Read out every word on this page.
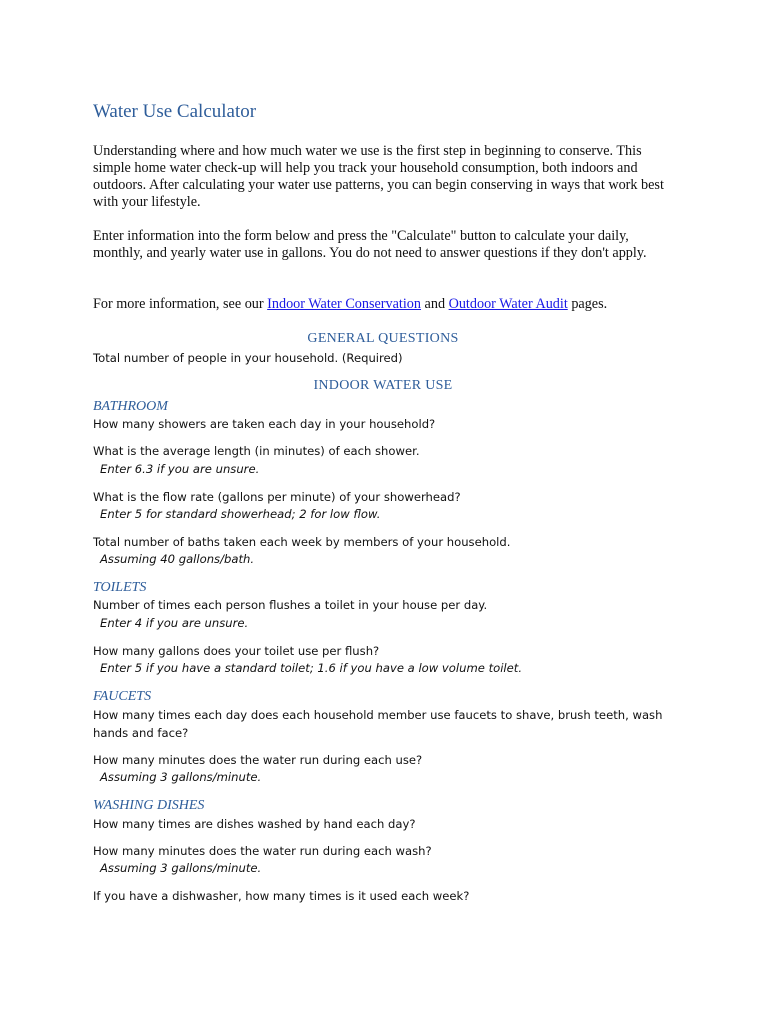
Water Use Calculator
Understanding where and how much water we use is the first step in beginning to conserve. This simple home water check-up will help you track your household consumption, both indoors and outdoors. After calculating your water use patterns, you can begin conserving in ways that work best with your lifestyle.
Enter information into the form below and press the "Calculate" button to calculate your daily, monthly, and yearly water use in gallons. You do not need to answer questions if they don't apply.
For more information, see our Indoor Water Conservation and Outdoor Water Audit pages.
GENERAL QUESTIONS
Total number of people in your household. (Required)
INDOOR WATER USE
BATHROOM
How many showers are taken each day in your household?
What is the average length (in minutes) of each shower.
Enter 6.3 if you are unsure.
What is the flow rate (gallons per minute) of your showerhead?
Enter 5 for standard showerhead; 2 for low flow.
Total number of baths taken each week by members of your household.
Assuming 40 gallons/bath.
TOILETS
Number of times each person flushes a toilet in your house per day.
Enter 4 if you are unsure.
How many gallons does your toilet use per flush?
Enter 5 if you have a standard toilet; 1.6 if you have a low volume toilet.
FAUCETS
How many times each day does each household member use faucets to shave, brush teeth, wash hands and face?
How many minutes does the water run during each use?
Assuming 3 gallons/minute.
WASHING DISHES
How many times are dishes washed by hand each day?
How many minutes does the water run during each wash?
Assuming 3 gallons/minute.
If you have a dishwasher, how many times is it used each week?
